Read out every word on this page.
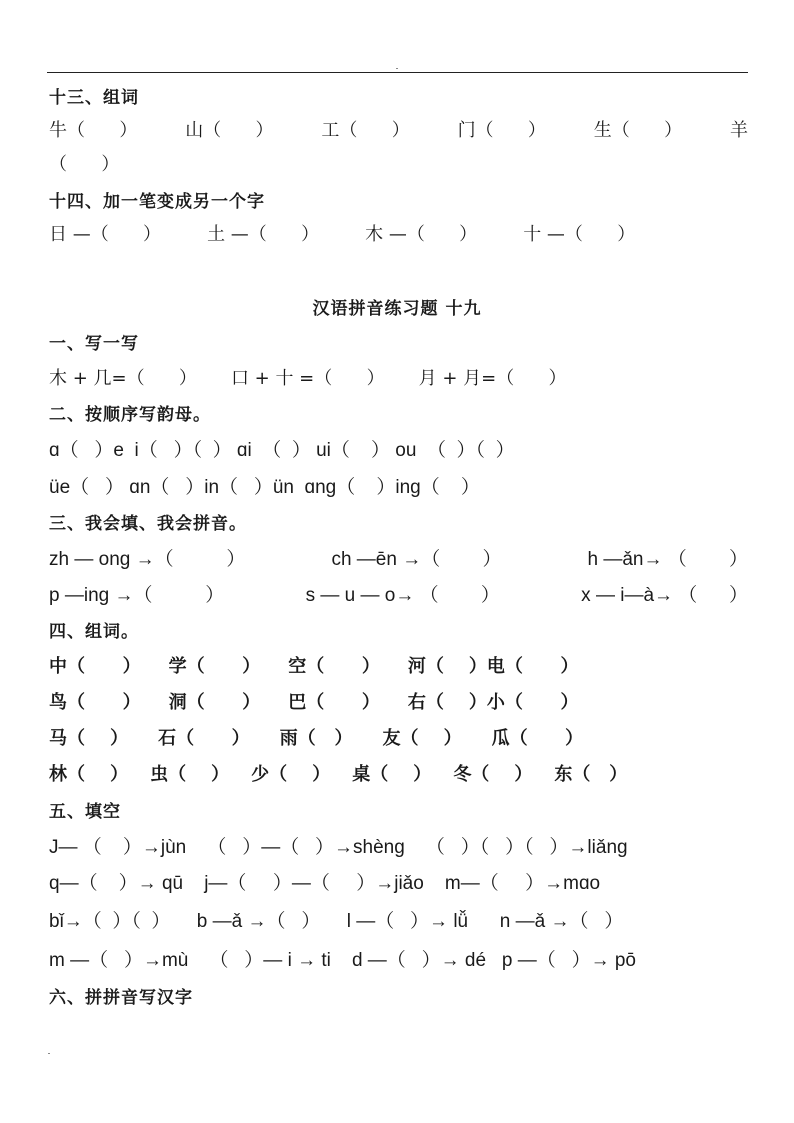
十三、组词
牛（      ）	山（      ）	工（      ）	门（      ）	生（      ）	羊
（      ）
十四、加一笔变成另一个字
日 —（      ）	土 —（      ）	木 —（      ）	十 —（      ）
汉语拼音练习题 十九
一、写一写
木 + 几=（      ） 口 + 十 =（      ） 月 + 月=（      ）
二、按顺序写韵母。
ɑ（   ）e  i（   ）（  ） ɑi  （  ） ui（    ） ou  （  ）（  ）
üe（   ） ɑn（   ）in（   ）ün  ɑng（    ）ing（    ）
三、我会填、我会拼音。
zh — ong →（          ）	ch —ēn →（        ）	h —ǎn→ （        ）
p —ing →（          ）	s — u — o→ （        ）	x — i—à→ （      ）
四、组词。
中（      ） 学（      ） 空（      ） 河（    ）电（      ）
鸟（      ） 洞（      ） 巴（      ） 右（    ）小（      ）
马（    ） 石（      ） 雨（   ） 友（    ） 瓜（      ）
林（    ） 虫（    ） 少（    ） 桌（    ） 冬（    ） 东（   ）
五、填空
J— （    ）→jùn    （   ）—（   ）→shèng    （   ）（   ）（   ）→liǎng
q—（    ）→ qū    j—（     ）—（     ）→jiǎo    m—（     ）→mɑo
bǐ→（  ）（  ）     b —ǎ →（   ）     l —（   ）→ lǚ      n —ǎ →（   ）
m —（   ）→mù    （   ）— i → ti    d —（   ）→ dé   p —（   ）→ pō
六、拼拼音写汉字
